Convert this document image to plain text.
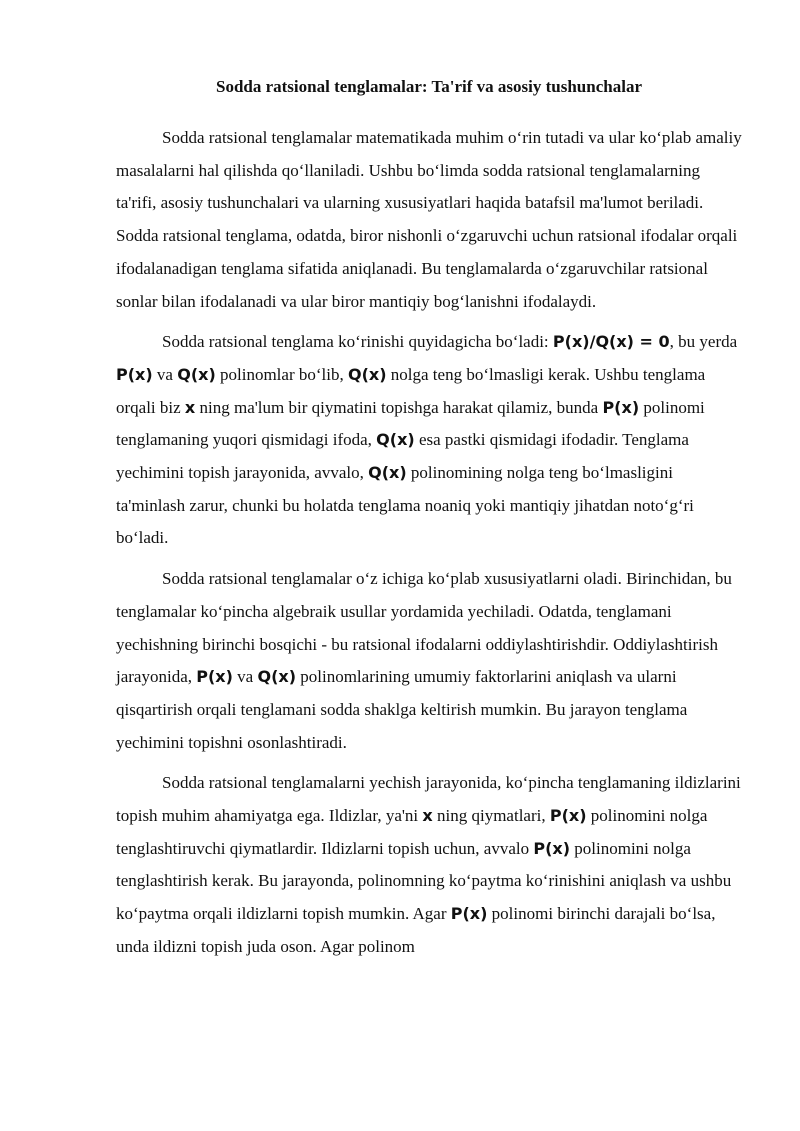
Sodda ratsional tenglamalar: Ta'rif va asosiy tushunchalar

Sodda ratsional tenglamalar matematikada muhim o‘rin tutadi va ular ko‘plab amaliy masalalarni hal qilishda qo‘llaniladi. Ushbu bo‘limda sodda ratsional tenglamalarning ta'rifi, asosiy tushunchalari va ularning xususiyatlari haqida batafsil ma'lumot beriladi. Sodda ratsional tenglama, odatda, biror nishonli o‘zgaruvchi uchun ratsional ifodalar orqali ifodalanadigan tenglama sifatida aniqlanadi. Bu tenglamalarda o‘zgaruvchilar ratsional sonlar bilan ifodalanadi va ular biror mantiqiy bog‘lanishni ifodalaydi.

Sodda ratsional tenglama ko‘rinishi quyidagicha bo‘ladi: P(x)/Q(x) = 0, bu yerda P(x) va Q(x) polinomlar bo‘lib, Q(x) nolga teng bo‘lmasligi kerak. Ushbu tenglama orqali biz x ning ma'lum bir qiymatini topishga harakat qilamiz, bunda P(x) polinomi tenglamaning yuqori qismidagi ifoda, Q(x) esa pastki qismidagi ifodadir. Tenglama yechimini topish jarayonida, avvalo, Q(x) polinomining nolga teng bo‘lmasligini ta'minlash zarur, chunki bu holatda tenglama noaniq yoki mantiqiy jihatdan noto‘g‘ri bo‘ladi.

Sodda ratsional tenglamalar o‘z ichiga ko‘plab xususiyatlarni oladi. Birinchidan, bu tenglamalar ko‘pincha algebraik usullar yordamida yechiladi. Odatda, tenglamani yechishning birinchi bosqichi - bu ratsional ifodalarni oddiylashtirishdir. Oddiylashtirish jarayonida, P(x) va Q(x) polinomlarining umumiy faktorlarini aniqlash va ularni qisqartirish orqali tenglamani sodda shaklga keltirish mumkin. Bu jarayon tenglama yechimini topishni osonlashtiradi.

Sodda ratsional tenglamalarni yechish jarayonida, ko‘pincha tenglamaning ildizlarini topish muhim ahamiyatga ega. Ildizlar, ya'ni x ning qiymatlari, P(x) polinomini nolga tenglashtiruvchi qiymatlardir. Ildizlarni topish uchun, avvalo P(x) polinomini nolga tenglashtirish kerak. Bu jarayonda, polinomning ko‘paytma ko‘rinishini aniqlash va ushbu ko‘paytma orqali ildizlarni topish mumkin. Agar P(x) polinomi birinchi darajali bo‘lsa, unda ildizni topish juda oson. Agar polinom
